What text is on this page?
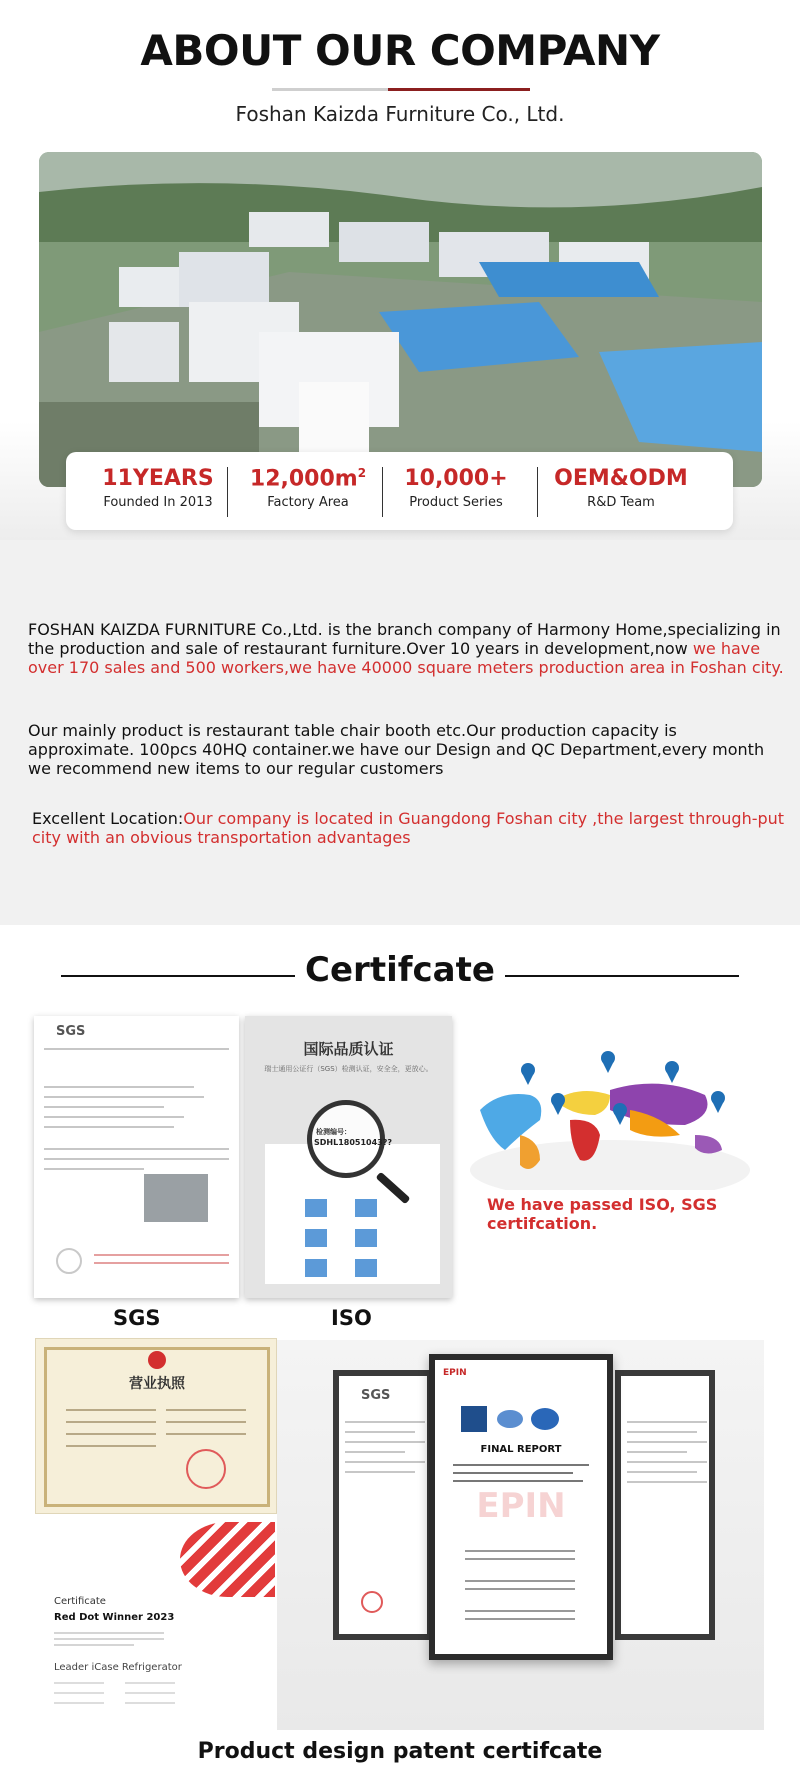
ABOUT OUR COMPANY
Foshan Kaizda Furniture Co., Ltd.
11YEARS
Founded In 2013
$12,000m^2$
Factory Area
10,000+
Product Series
OEM&ODM
R&D Team

FOSHAN KAIZDA FURNITURE Co.,Ltd. is the branch company of Harmony Home,specializing in the production and sale of restaurant furniture.Over 10 years in development,now we have over 170 sales and 500 workers,we have 40000 square meters production area in Foshan city.

Our mainly product is restaurant table chair booth etc.Our production capacity is approximate. 100pcs 40HQ container.we have our Design and QC Department,every month we recommend new items to our regular customers

Excellent Location:Our company is located in Guangdong Foshan city ,the largest through-put city with an obvious transportation advantages

Certifcate
SGS
国际品质认证
瑞士通用公证行（SGS）检测认证，安全全，更放心。
检测编号：
SDHL18051043??

We have passed ISO, SGS certifcation.

SGS	ISO
营业执照
Certificate
Red Dot Winner 2023
Leader iCase Refrigerator
SGS
EPIN
FINAL REPORT
EPIN
Product design patent certifcate
